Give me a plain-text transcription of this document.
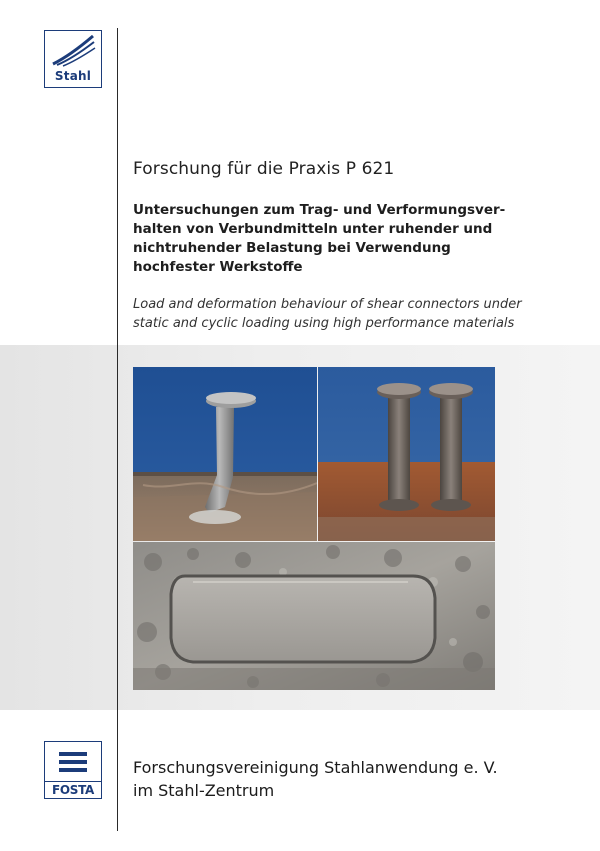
Stahl
Forschung für die Praxis P 621
Untersuchungen zum Trag- und Verformungsver-
halten von Verbundmitteln unter ruhender und
nichtruhender Belastung bei Verwendung
hochfester Werkstoffe
Load and deformation behaviour of shear connectors under
static and cyclic loading using high performance materials
FOSTA
Forschungsvereinigung Stahlanwendung e. V.
im Stahl-Zentrum
